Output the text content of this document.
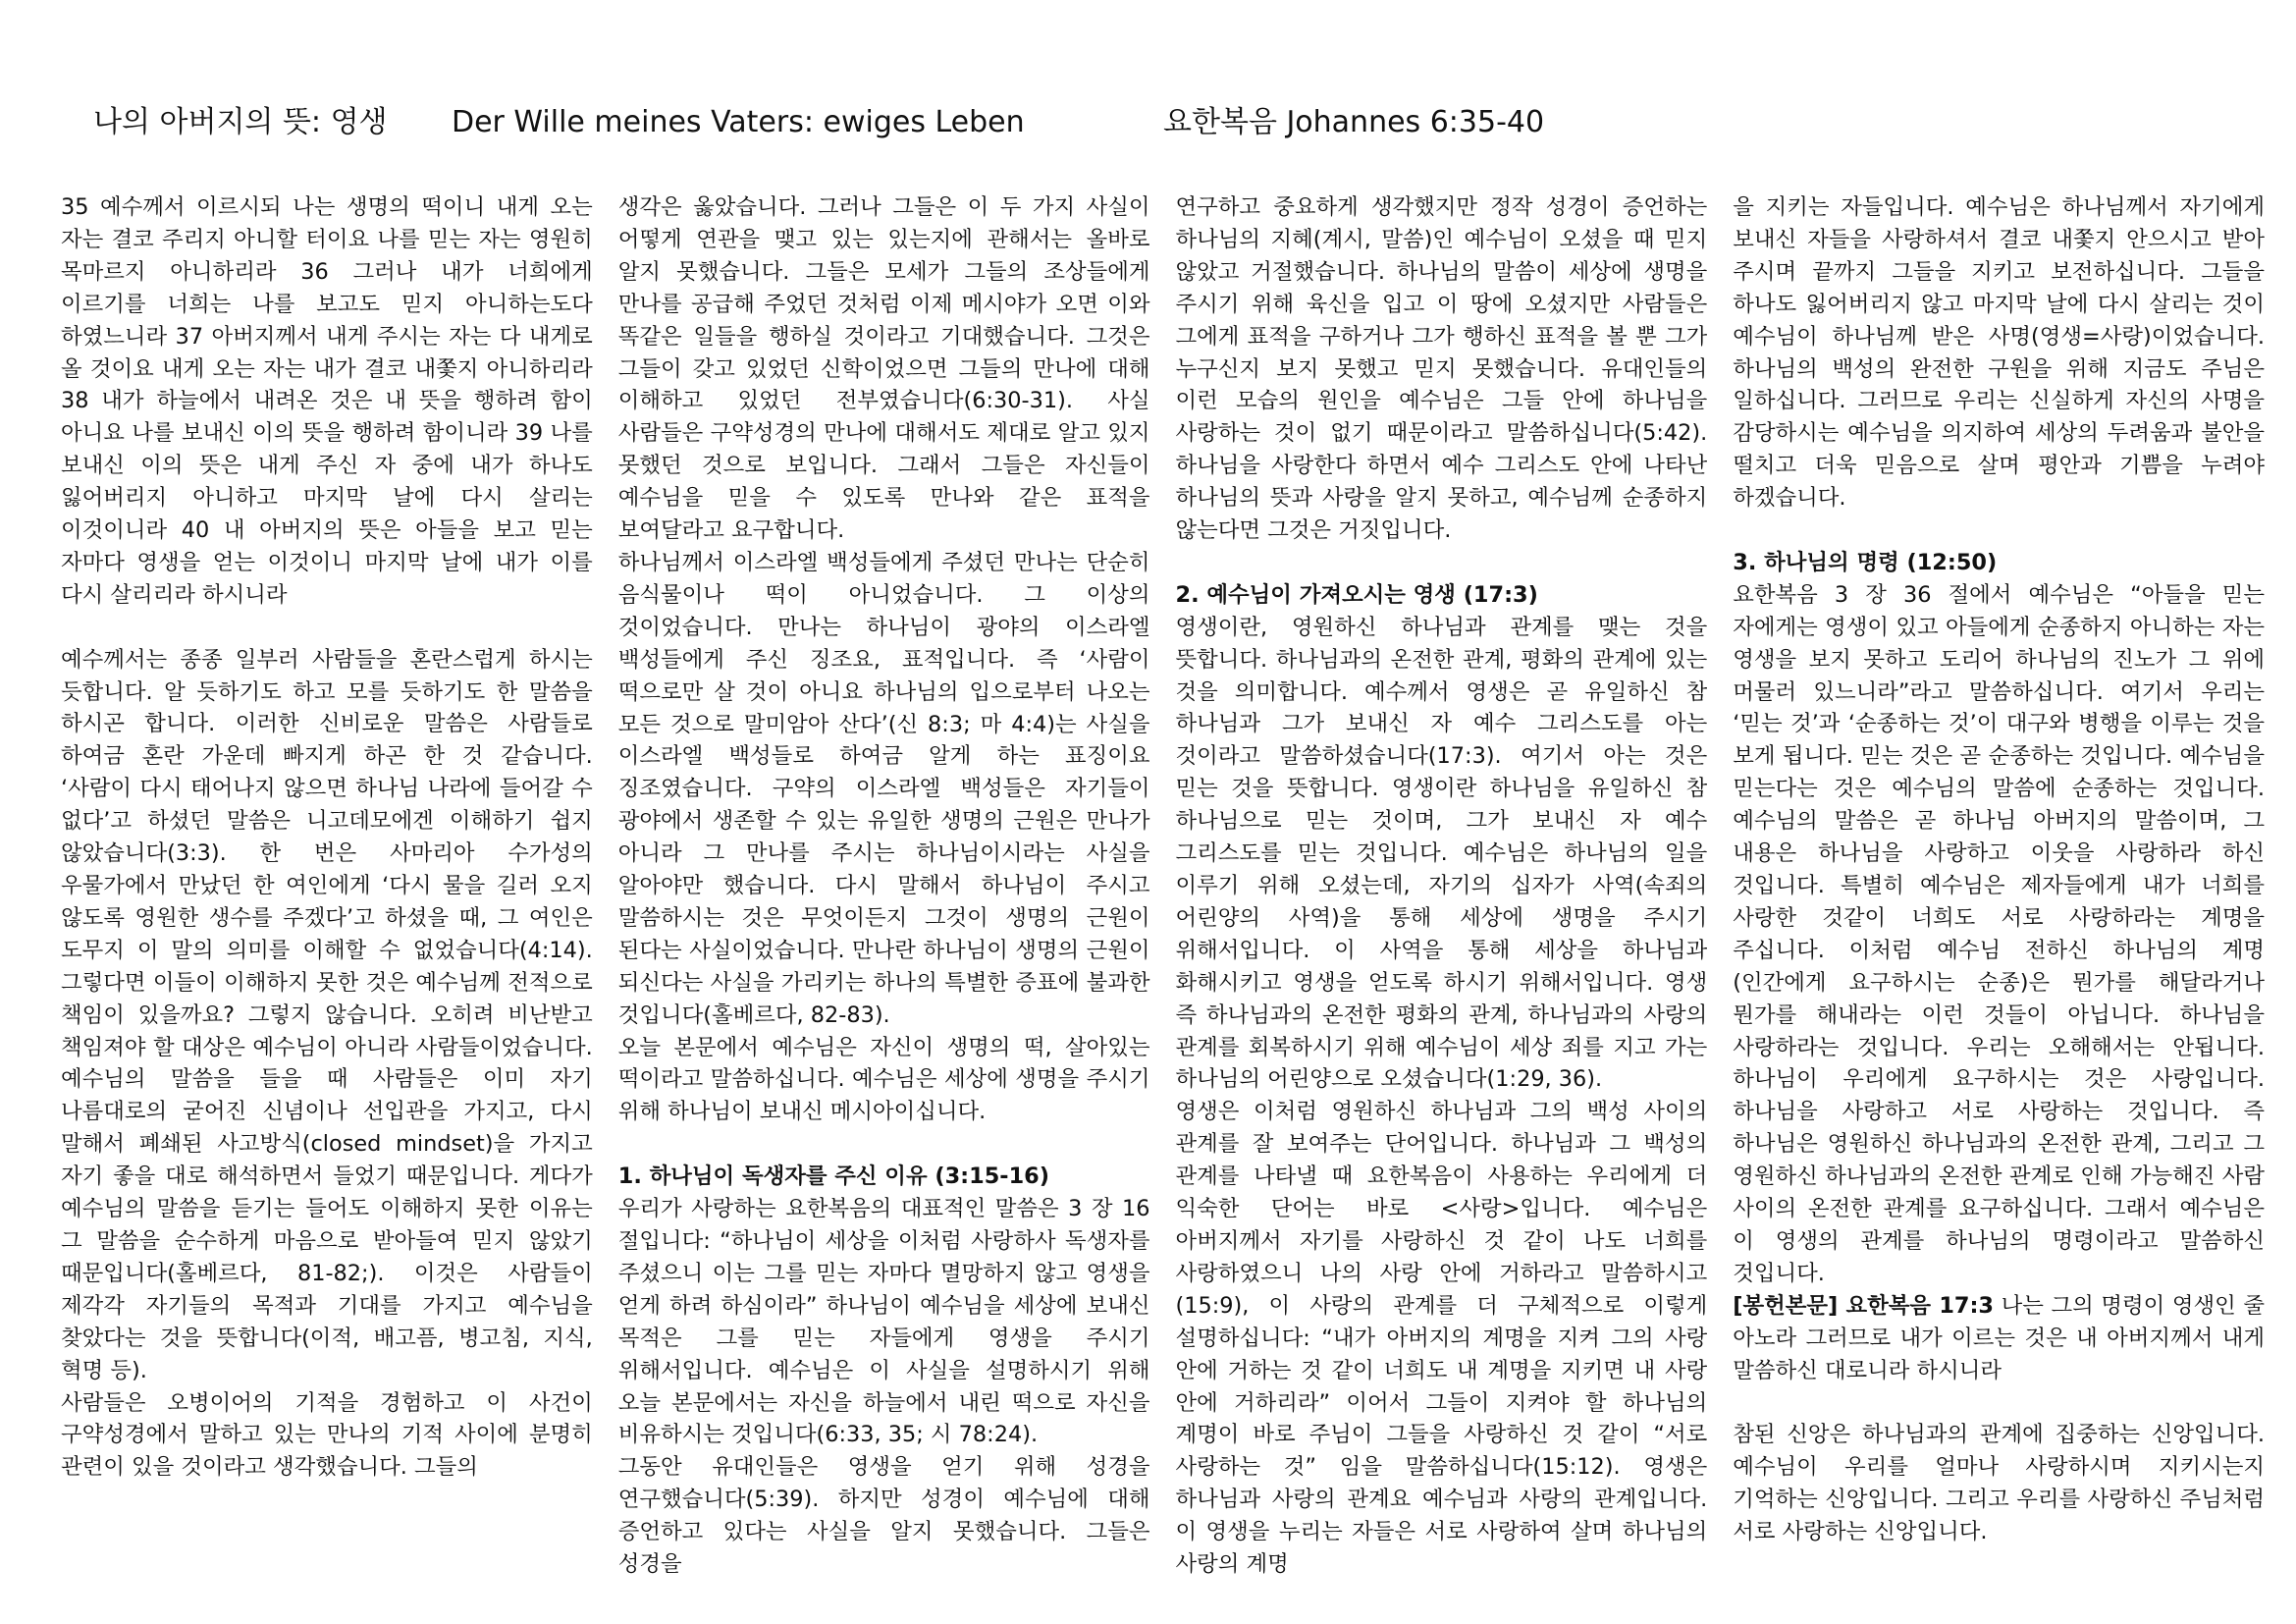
나의 아버지의 뜻: 영생 Der Wille meines Vaters: ewiges Leben	요한복음 Johannes 6:35-40

35 예수께서 이르시되 나는 생명의 떡이니 내게 오는 자는 결코 주리지 아니할 터이요 나를 믿는 자는 영원히 목마르지 아니하리라 36 그러나 내가 너희에게 이르기를 너희는 나를 보고도 믿지 아니하는도다 하였느니라 37 아버지께서 내게 주시는 자는 다 내게로 올 것이요 내게 오는 자는 내가 결코 내쫓지 아니하리라 38 내가 하늘에서 내려온 것은 내 뜻을 행하려 함이 아니요 나를 보내신 이의 뜻을 행하려 함이니라 39 나를 보내신 이의 뜻은 내게 주신 자 중에 내가 하나도 잃어버리지 아니하고 마지막 날에 다시 살리는 이것이니라 40 내 아버지의 뜻은 아들을 보고 믿는 자마다 영생을 얻는 이것이니 마지막 날에 내가 이를 다시 살리리라 하시니라

예수께서는 종종 일부러 사람들을 혼란스럽게 하시는 듯합니다. 알 듯하기도 하고 모를 듯하기도 한 말씀을 하시곤 합니다. 이러한 신비로운 말씀은 사람들로 하여금 혼란 가운데 빠지게 하곤 한 것 같습니다. ‘사람이 다시 태어나지 않으면 하나님 나라에 들어갈 수 없다’고 하셨던 말씀은 니고데모에겐 이해하기 쉽지 않았습니다(3:3). 한 번은 사마리아 수가성의 우물가에서 만났던 한 여인에게 ‘다시 물을 길러 오지 않도록 영원한 생수를 주겠다’고 하셨을 때, 그 여인은 도무지 이 말의 의미를 이해할 수 없었습니다(4:14). 그렇다면 이들이 이해하지 못한 것은 예수님께 전적으로 책임이 있을까요? 그렇지 않습니다. 오히려 비난받고 책임져야 할 대상은 예수님이 아니라 사람들이었습니다. 예수님의 말씀을 들을 때 사람들은 이미 자기 나름대로의 굳어진 신념이나 선입관을 가지고, 다시 말해서 폐쇄된 사고방식(closed mindset)을 가지고 자기 좋을 대로 해석하면서 들었기 때문입니다. 게다가 예수님의 말씀을 듣기는 들어도 이해하지 못한 이유는 그 말씀을 순수하게 마음으로 받아들여 믿지 않았기 때문입니다(홀베르다, 81-82;). 이것은 사람들이 제각각 자기들의 목적과 기대를 가지고 예수님을 찾았다는 것을 뜻합니다(이적, 배고픔, 병고침, 지식, 혁명 등).

사람들은 오병이어의 기적을 경험하고 이 사건이 구약성경에서 말하고 있는 만나의 기적 사이에 분명히 관련이 있을 것이라고 생각했습니다. 그들의

생각은 옳았습니다. 그러나 그들은 이 두 가지 사실이 어떻게 연관을 맺고 있는 있는지에 관해서는 올바로 알지 못했습니다. 그들은 모세가 그들의 조상들에게 만나를 공급해 주었던 것처럼 이제 메시야가 오면 이와 똑같은 일들을 행하실 것이라고 기대했습니다. 그것은 그들이 갖고 있었던 신학이었으면 그들의 만나에 대해 이해하고 있었던 전부였습니다(6:30-31). 사실 사람들은 구약성경의 만나에 대해서도 제대로 알고 있지 못했던 것으로 보입니다. 그래서 그들은 자신들이 예수님을 믿을 수 있도록 만나와 같은 표적을 보여달라고 요구합니다.

하나님께서 이스라엘 백성들에게 주셨던 만나는 단순히 음식물이나 떡이 아니었습니다. 그 이상의 것이었습니다. 만나는 하나님이 광야의 이스라엘 백성들에게 주신 징조요, 표적입니다. 즉 ‘사람이 떡으로만 살 것이 아니요 하나님의 입으로부터 나오는 모든 것으로 말미암아 산다’(신 8:3; 마 4:4)는 사실을 이스라엘 백성들로 하여금 알게 하는 표징이요 징조였습니다. 구약의 이스라엘 백성들은 자기들이 광야에서 생존할 수 있는 유일한 생명의 근원은 만나가 아니라 그 만나를 주시는 하나님이시라는 사실을 알아야만 했습니다. 다시 말해서 하나님이 주시고 말씀하시는 것은 무엇이든지 그것이 생명의 근원이 된다는 사실이었습니다. 만나란 하나님이 생명의 근원이 되신다는 사실을 가리키는 하나의 특별한 증표에 불과한 것입니다(홀베르다, 82-83).

오늘 본문에서 예수님은 자신이 생명의 떡, 살아있는 떡이라고 말씀하십니다. 예수님은 세상에 생명을 주시기 위해 하나님이 보내신 메시아이십니다.

1. 하나님이 독생자를 주신 이유 (3:15-16)

우리가 사랑하는 요한복음의 대표적인 말씀은 3 장 16 절입니다: “하나님이 세상을 이처럼 사랑하사 독생자를 주셨으니 이는 그를 믿는 자마다 멸망하지 않고 영생을 얻게 하려 하심이라” 하나님이 예수님을 세상에 보내신 목적은 그를 믿는 자들에게 영생을 주시기 위해서입니다. 예수님은 이 사실을 설명하시기 위해 오늘 본문에서는 자신을 하늘에서 내린 떡으로 자신을 비유하시는 것입니다(6:33, 35; 시 78:24).

그동안 유대인들은 영생을 얻기 위해 성경을 연구했습니다(5:39). 하지만 성경이 예수님에 대해 증언하고 있다는 사실을 알지 못했습니다. 그들은 성경을

연구하고 중요하게 생각했지만 정작 성경이 증언하는 하나님의 지혜(계시, 말씀)인 예수님이 오셨을 때 믿지 않았고 거절했습니다. 하나님의 말씀이 세상에 생명을 주시기 위해 육신을 입고 이 땅에 오셨지만 사람들은 그에게 표적을 구하거나 그가 행하신 표적을 볼 뿐 그가 누구신지 보지 못했고 믿지 못했습니다. 유대인들의 이런 모습의 원인을 예수님은 그들 안에 하나님을 사랑하는 것이 없기 때문이라고 말씀하십니다(5:42). 하나님을 사랑한다 하면서 예수 그리스도 안에 나타난 하나님의 뜻과 사랑을 알지 못하고, 예수님께 순종하지 않는다면 그것은 거짓입니다.

2. 예수님이 가져오시는 영생 (17:3)

영생이란, 영원하신 하나님과 관계를 맺는 것을 뜻합니다. 하나님과의 온전한 관계, 평화의 관계에 있는 것을 의미합니다. 예수께서 영생은 곧 유일하신 참 하나님과 그가 보내신 자 예수 그리스도를 아는 것이라고 말씀하셨습니다(17:3). 여기서 아는 것은 믿는 것을 뜻합니다. 영생이란 하나님을 유일하신 참 하나님으로 믿는 것이며, 그가 보내신 자 예수 그리스도를 믿는 것입니다. 예수님은 하나님의 일을 이루기 위해 오셨는데, 자기의 십자가 사역(속죄의 어린양의 사역)을 통해 세상에 생명을 주시기 위해서입니다. 이 사역을 통해 세상을 하나님과 화해시키고 영생을 얻도록 하시기 위해서입니다. 영생 즉 하나님과의 온전한 평화의 관계, 하나님과의 사랑의 관계를 회복하시기 위해 예수님이 세상 죄를 지고 가는 하나님의 어린양으로 오셨습니다(1:29, 36).

영생은 이처럼 영원하신 하나님과 그의 백성 사이의 관계를 잘 보여주는 단어입니다. 하나님과 그 백성의 관계를 나타낼 때 요한복음이 사용하는 우리에게 더 익숙한 단어는 바로 <사랑>입니다. 예수님은 아버지께서 자기를 사랑하신 것 같이 나도 너희를 사랑하였으니 나의 사랑 안에 거하라고 말씀하시고(15:9), 이 사랑의 관계를 더 구체적으로 이렇게 설명하십니다: “내가 아버지의 계명을 지켜 그의 사랑 안에 거하는 것 같이 너희도 내 계명을 지키면 내 사랑 안에 거하리라” 이어서 그들이 지켜야 할 하나님의 계명이 바로 주님이 그들을 사랑하신 것 같이 “서로 사랑하는 것” 임을 말씀하십니다(15:12). 영생은 하나님과 사랑의 관계요 예수님과 사랑의 관계입니다. 이 영생을 누리는 자들은 서로 사랑하여 살며 하나님의 사랑의 계명

을 지키는 자들입니다. 예수님은 하나님께서 자기에게 보내신 자들을 사랑하셔서 결코 내쫓지 안으시고 받아 주시며 끝까지 그들을 지키고 보전하십니다. 그들을 하나도 잃어버리지 않고 마지막 날에 다시 살리는 것이 예수님이 하나님께 받은 사명(영생=사랑)이었습니다. 하나님의 백성의 완전한 구원을 위해 지금도 주님은 일하십니다. 그러므로 우리는 신실하게 자신의 사명을 감당하시는 예수님을 의지하여 세상의 두려움과 불안을 떨치고 더욱 믿음으로 살며 평안과 기쁨을 누려야 하겠습니다.

3. 하나님의 명령 (12:50)

요한복음 3 장 36 절에서 예수님은 “아들을 믿는 자에게는 영생이 있고 아들에게 순종하지 아니하는 자는 영생을 보지 못하고 도리어 하나님의 진노가 그 위에 머물러 있느니라”라고 말씀하십니다. 여기서 우리는 ‘믿는 것’과 ‘순종하는 것’이 대구와 병행을 이루는 것을 보게 됩니다. 믿는 것은 곧 순종하는 것입니다. 예수님을 믿는다는 것은 예수님의 말씀에 순종하는 것입니다. 예수님의 말씀은 곧 하나님 아버지의 말씀이며, 그 내용은 하나님을 사랑하고 이웃을 사랑하라 하신 것입니다. 특별히 예수님은 제자들에게 내가 너희를 사랑한 것같이 너희도 서로 사랑하라는 계명을 주십니다. 이처럼 예수님 전하신 하나님의 계명(인간에게 요구하시는 순종)은 뭔가를 해달라거나 뭔가를 해내라는 이런 것들이 아닙니다. 하나님을 사랑하라는 것입니다. 우리는 오해해서는 안됩니다. 하나님이 우리에게 요구하시는 것은 사랑입니다. 하나님을 사랑하고 서로 사랑하는 것입니다. 즉 하나님은 영원하신 하나님과의 온전한 관계, 그리고 그 영원하신 하나님과의 온전한 관계로 인해 가능해진 사람 사이의 온전한 관계를 요구하십니다. 그래서 예수님은 이 영생의 관계를 하나님의 명령이라고 말씀하신 것입니다.

[봉헌본문] 요한복음 17:3 나는 그의 명령이 영생인 줄 아노라 그러므로 내가 이르는 것은 내 아버지께서 내게 말씀하신 대로니라 하시니라

참된 신앙은 하나님과의 관계에 집중하는 신앙입니다. 예수님이 우리를 얼마나 사랑하시며 지키시는지 기억하는 신앙입니다. 그리고 우리를 사랑하신 주님처럼 서로 사랑하는 신앙입니다.
